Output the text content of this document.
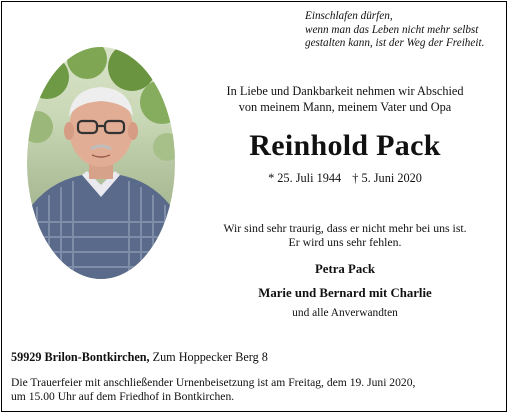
Einschlafen dürfen,
wenn man das Leben nicht mehr selbst
gestalten kann, ist der Weg der Freiheit.
In Liebe und Dankbarkeit nehmen wir Abschied
von meinem Mann, meinem Vater und Opa
Reinhold Pack
* 25. Juli 1944 † 5. Juni 2020
Wir sind sehr traurig, dass er nicht mehr bei uns ist.
Er wird uns sehr fehlen.
Petra Pack
Marie und Bernard mit Charlie
und alle Anverwandten
59929 Brilon-Bontkirchen, Zum Hoppecker Berg 8
Die Trauerfeier mit anschließender Urnenbeisetzung ist am Freitag, dem 19. Juni 2020,
um 15.00 Uhr auf dem Friedhof in Bontkirchen.
